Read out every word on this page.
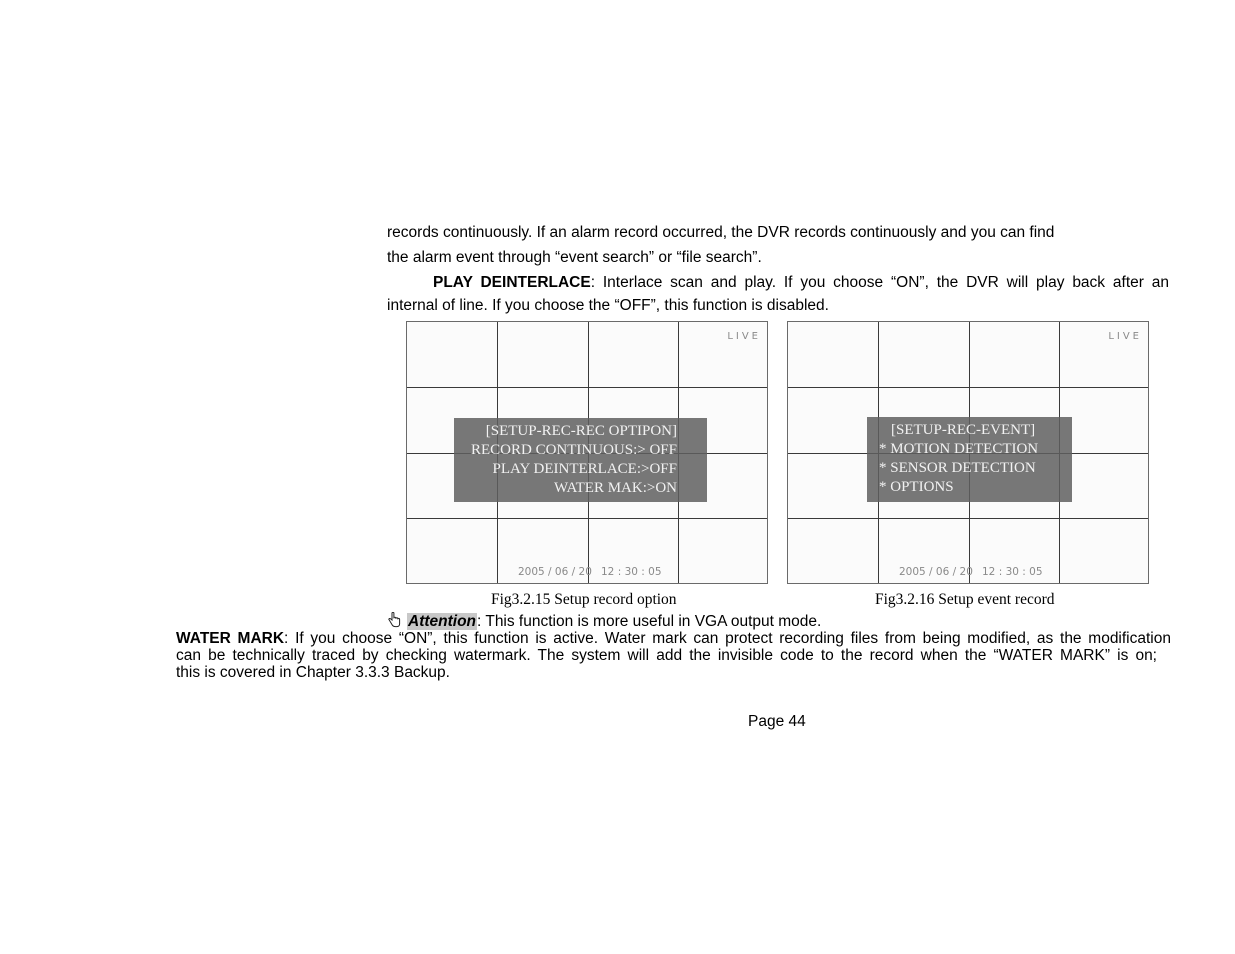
records continuously. If an alarm record occurred, the DVR records continuously and you can find

the alarm event through “event search” or “file search”.

PLAY DEINTERLACE: Interlace scan and play. If you choose “ON”, the DVR will play back after an

internal of line. If you choose the “OFF”, this function is disabled.

LIVE
[SETUP-REC-REC OPTIPON]
RECORD CONTINUOUS:> OFF
PLAY DEINTERLACE:>OFF
WATER MAK:>ON
2005 / 06 / 20 12 : 30 : 05
Fig3.2.15 Setup record option
LIVE
[SETUP-REC-EVENT]
* MOTION DETECTION
* SENSOR DETECTION
* OPTIONS
2005 / 06 / 20 12 : 30 : 05
Fig3.2.16 Setup event record

Attention: This function is more useful in VGA output mode.

WATER MARK: If you choose “ON”, this function is active. Water mark can protect recording files from being modified, as the modification

can be technically traced by checking watermark. The system will add the invisible code to the record when the “WATER MARK” is on;

this is covered in Chapter 3.3.3 Backup.

Page 44
